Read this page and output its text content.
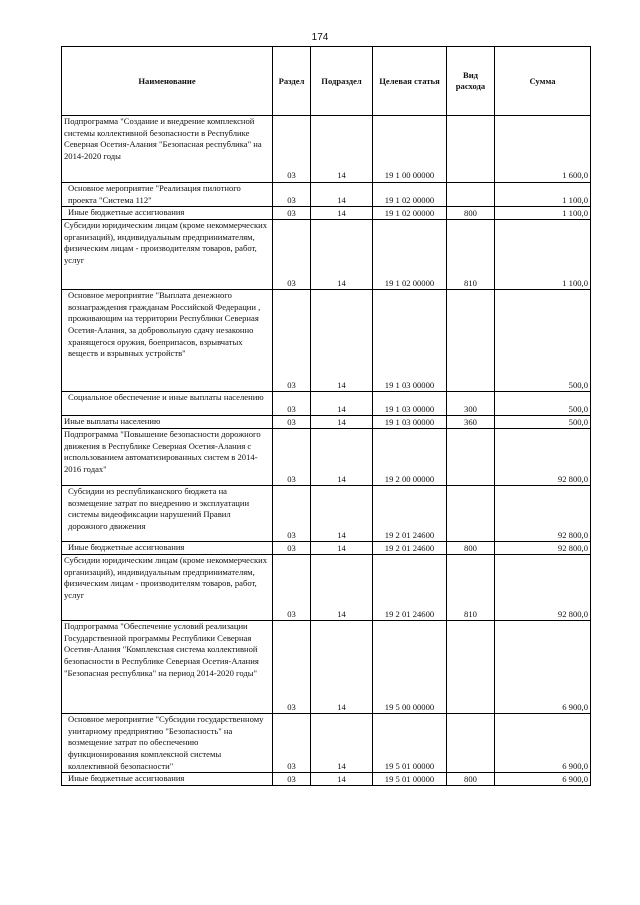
174
Наименование	Раздел	Подраздел	Целевая статья	Вид расхода	Сумма
Подпрограмма "Создание и внедрение комплексной системы коллективной безопасности в Республике Северная Осетия-Алания "Безопасная республика" на 2014-2020 годы	03	14	19 1 00 00000		1 600,0
Основное мероприятие "Реализация пилотного проекта "Система 112"	03	14	19 1 02 00000		1 100,0
Иные бюджетные ассигнования	03	14	19 1 02 00000	800	1 100,0
Субсидии юридическим лицам (кроме некоммерческих организаций), индивидуальным предпринимателям, физическим лицам - производителям товаров, работ, услуг	03	14	19 1 02 00000	810	1 100,0
Основное мероприятие "Выплата денежного вознаграждения гражданам Российской Федерации , проживающим на территории Республики Северная Осетия-Алания, за добровольную сдачу незаконно хранящегося оружия, боеприпасов, взрывчатых веществ и взрывных устройств"	03	14	19 1 03 00000		500,0
Социальное обеспечение и иные выплаты населению	03	14	19 1 03 00000	300	500,0
Иные выплаты населению	03	14	19 1 03 00000	360	500,0
Подпрограмма "Повышение безопасности дорожного движения в Республике Северная Осетия-Алания с использованием автоматизированных систем в 2014-2016 годах"	03	14	19 2 00 00000		92 800,0
Субсидии из республиканского бюджета на возмещение затрат по внедрению и эксплуатации системы видеофиксации нарушений Правил дорожного движения	03	14	19 2 01 24600		92 800,0
Иные бюджетные ассигнования	03	14	19 2 01 24600	800	92 800,0
Субсидии юридическим лицам (кроме некоммерческих организаций), индивидуальным предпринимателям, физическим лицам - производителям товаров, работ, услуг	03	14	19 2 01 24600	810	92 800,0
Подпрограмма "Обеспечение условий реализации Государственной программы Республики Северная Осетия-Алания "Комплексная система коллективной безопасности в Республике Северная Осетия-Алания "Безопасная республика" на период 2014-2020 годы"	03	14	19 5 00 00000		6 900,0
Основное мероприятие "Субсидии государственному унитарному предприятию "Безопасность" на возмещение затрат по обеспечению функционирования комплексной системы коллективной безопасности"	03	14	19 5 01 00000		6 900,0
Иные бюджетные ассигнования	03	14	19 5 01 00000	800	6 900,0
